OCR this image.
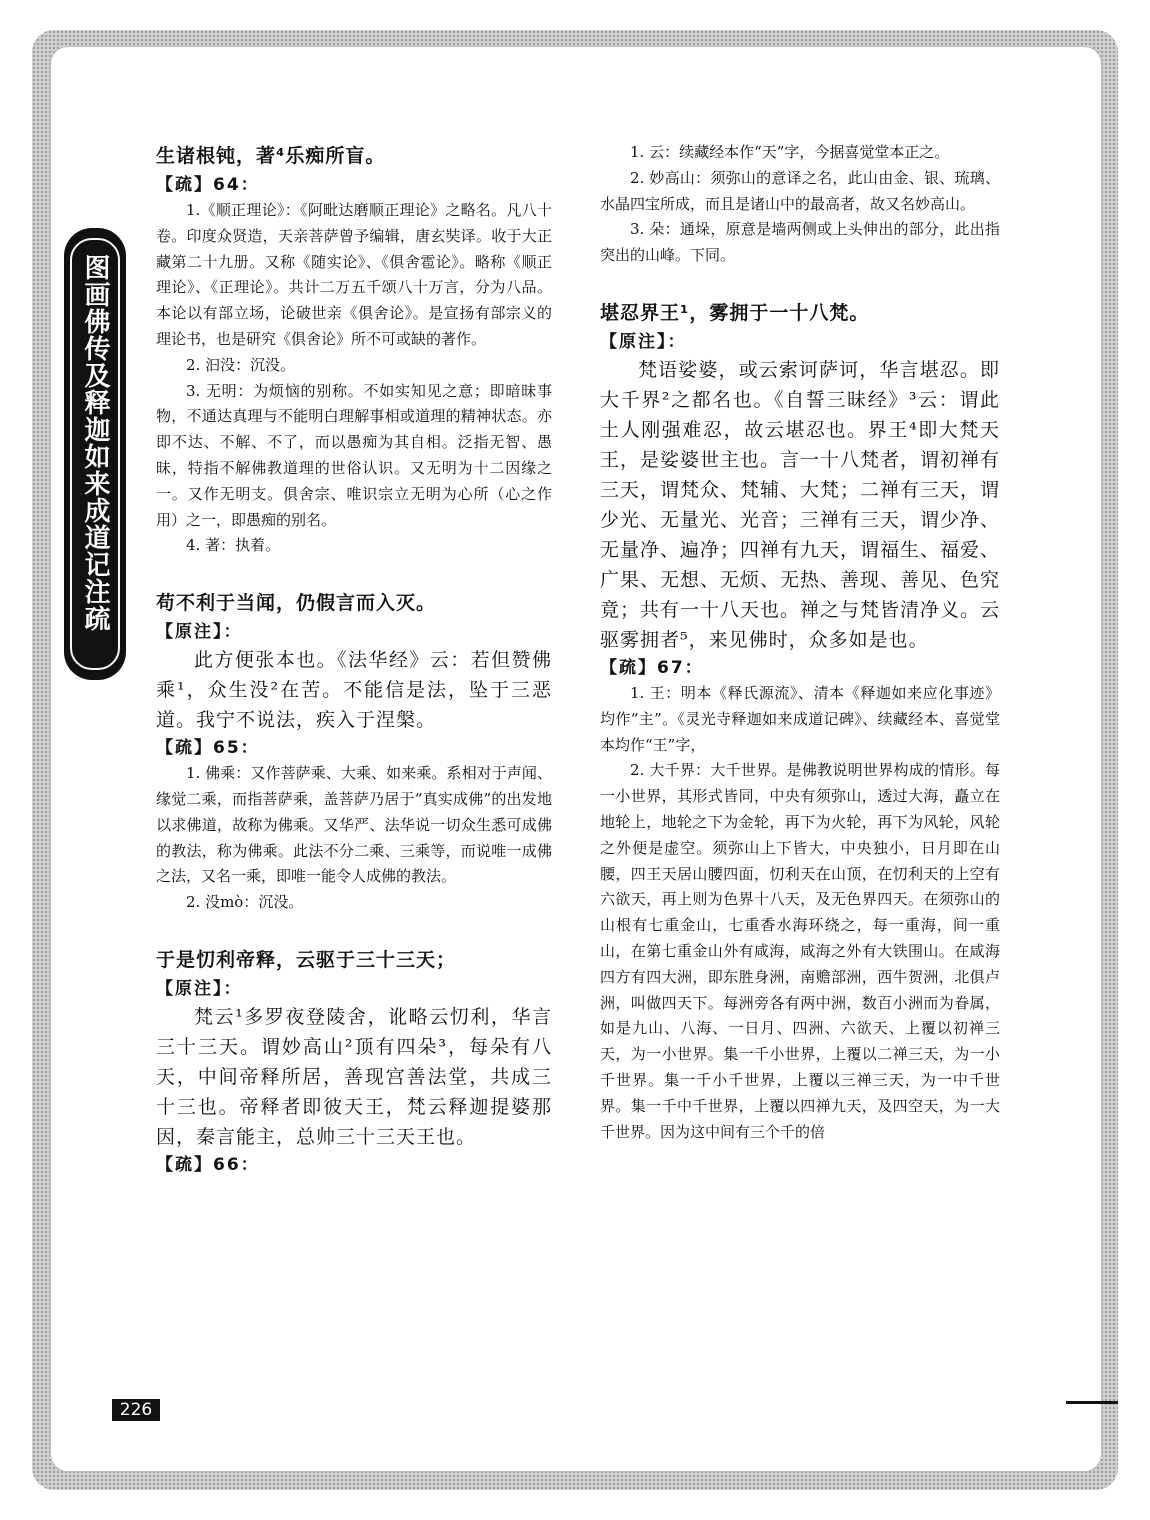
图画佛传及释迦如来成道记注疏

生诸根钝，著⁴乐痴所盲。

【疏】64：

1.《顺正理论》：《阿毗达磨顺正理论》之略名。凡八十卷。印度众贤造，天亲菩萨曾予编辑，唐玄奘译。收于大正藏第二十九册。又称《随实论》、《俱舍雹论》。略称《顺正理论》、《正理论》。共计二万五千颂八十万言，分为八品。本论以有部立场，论破世亲《俱舍论》。是宣扬有部宗义的理论书，也是研究《俱舍论》所不可或缺的著作。

2. 汩没：沉没。

3. 无明：为烦恼的别称。不如实知见之意；即暗昧事物，不通达真理与不能明白理解事相或道理的精神状态。亦即不达、不解、不了，而以愚痴为其自相。泛指无智、愚昧，特指不解佛教道理的世俗认识。又无明为十二因缘之一。又作无明支。俱舍宗、唯识宗立无明为心所（心之作用）之一，即愚痴的别名。

4. 著：执着。

苟不利于当闻，仍假言而入灭。

【原注】：

此方便张本也。《法华经》云：若但赞佛乘¹，众生没²在苦。不能信是法，坠于三恶道。我宁不说法，疾入于涅槃。

【疏】65：

1. 佛乘：又作菩萨乘、大乘、如来乘。系相对于声闻、缘觉二乘，而指菩萨乘，盖菩萨乃居于“真实成佛”的出发地以求佛道，故称为佛乘。又华严、法华说一切众生悉可成佛的教法，称为佛乘。此法不分二乘、三乘等，而说唯一成佛之法，又名一乘，即唯一能令人成佛的教法。

2. 没mò：沉没。

于是忉利帝释，云驱于三十三天；

【原注】：

梵云¹多罗夜登陵舍，讹略云忉利，华言三十三天。谓妙高山²顶有四朵³，每朵有八天，中间帝释所居，善现宫善法堂，共成三十三也。帝释者即彼天王，梵云释迦提婆那因，秦言能主，总帅三十三天王也。

【疏】66：

1. 云：续藏经本作“天”字，今据喜觉堂本正之。

2. 妙高山：须弥山的意译之名，此山由金、银、琉璃、水晶四宝所成，而且是诸山中的最高者，故又名妙高山。

3. 朵：通垛，原意是墙两侧或上头伸出的部分，此出指突出的山峰。下同。

堪忍界王¹，雾拥于一十八梵。

【原注】：

梵语娑婆，或云索诃萨诃，华言堪忍。即大千界²之都名也。《自誓三昧经》³云：谓此土人刚强难忍，故云堪忍也。界王⁴即大梵天王，是娑婆世主也。言一十八梵者，谓初禅有三天，谓梵众、梵辅、大梵；二禅有三天，谓少光、无量光、光音；三禅有三天，谓少净、无量净、遍净；四禅有九天，谓福生、福爱、广果、无想、无烦、无热、善现、善见、色究竟；共有一十八天也。禅之与梵皆清净义。云驱雾拥者⁵，来见佛时，众多如是也。

【疏】67：

1. 王：明本《释氏源流》、清本《释迦如来应化事迹》均作“主”。《灵光寺释迦如来成道记碑》、续藏经本、喜觉堂本均作“王”字，

2. 大千界：大千世界。是佛教说明世界构成的情形。每一小世界，其形式皆同，中央有须弥山，透过大海，矗立在地轮上，地轮之下为金轮，再下为火轮，再下为风轮，风轮之外便是虚空。须弥山上下皆大，中央独小，日月即在山腰，四王天居山腰四面，忉利天在山顶，在忉利天的上空有六欲天，再上则为色界十八天，及无色界四天。在须弥山的山根有七重金山，七重香水海环绕之，每一重海，间一重山，在第七重金山外有咸海，咸海之外有大铁围山。在咸海四方有四大洲，即东胜身洲，南赡部洲，西牛贺洲，北俱卢洲，叫做四天下。每洲旁各有两中洲，数百小洲而为眷属，如是九山、八海、一日月、四洲、六欲天、上覆以初禅三天，为一小世界。集一千小世界，上覆以二禅三天，为一小千世界。集一千小千世界，上覆以三禅三天，为一中千世界。集一千中千世界，上覆以四禅九天，及四空天，为一大千世界。因为这中间有三个千的倍

226
